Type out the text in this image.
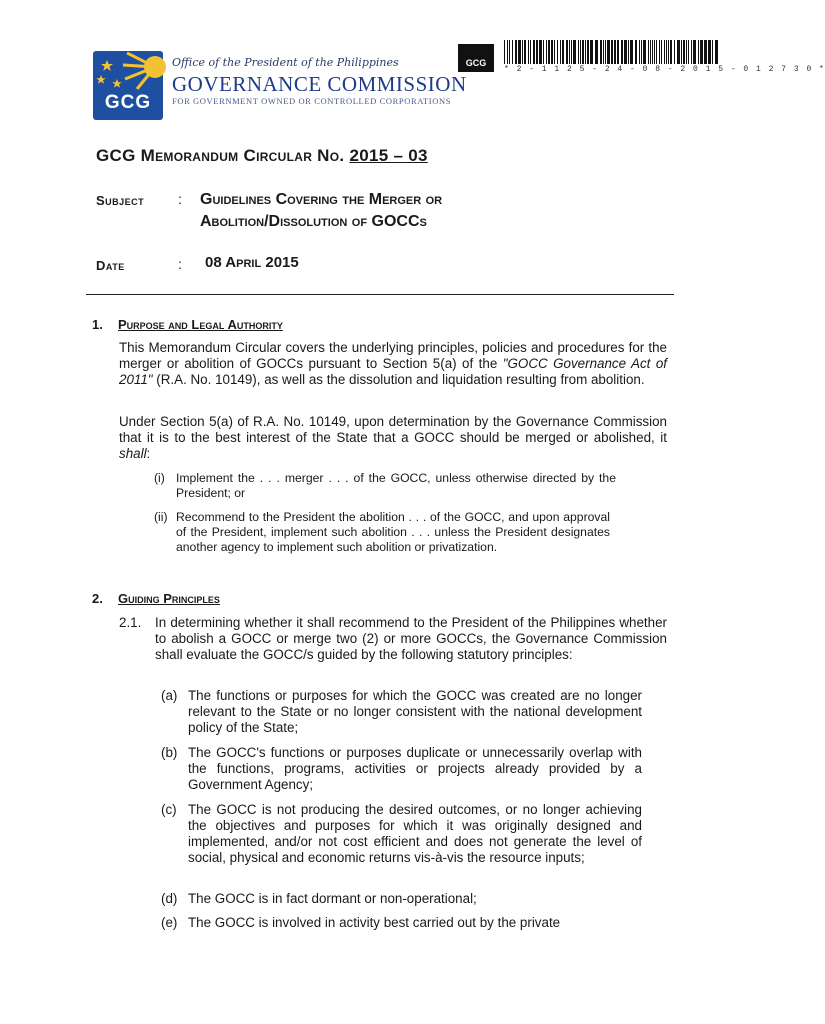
GCG
Office of the President of the Philippines
GOVERNANCE COMMISSION
FOR GOVERNMENT OWNED OR CONTROLLED CORPORATIONS
GCG
* 2 - 1 1 2 5 - 2 4 - 0 8 - 2 0 1 5 - 0 1 2 7 3 0 *
GCG Memorandum Circular No. 2015 – 03
Subject : Guidelines Covering the Merger or
Abolition/Dissolution of GOCCs
Date	: 08 April 2015
1. Purpose and Legal Authority
This Memorandum Circular covers the underlying principles, policies and procedures for the merger or abolition of GOCCs pursuant to Section 5(a) of the "GOCC Governance Act of 2011" (R.A. No. 10149), as well as the dissolution and liquidation resulting from abolition.
Under Section 5(a) of R.A. No. 10149, upon determination by the Governance Commission that it is to the best interest of the State that a GOCC should be merged or abolished, it shall:
(i) Implement the . . . merger . . . of the GOCC, unless otherwise directed by the President; or
(ii) Recommend to the President the abolition . . . of the GOCC, and upon approval of the President, implement such abolition . . . unless the President designates another agency to implement such abolition or privatization.
2. Guiding Principles
2.1. In determining whether it shall recommend to the President of the Philippines whether to abolish a GOCC or merge two (2) or more GOCCs, the Governance Commission shall evaluate the GOCC/s guided by the following statutory principles:
(a) The functions or purposes for which the GOCC was created are no longer relevant to the State or no longer consistent with the national development policy of the State;
(b) The GOCC's functions or purposes duplicate or unnecessarily overlap with the functions, programs, activities or projects already provided by a Government Agency;
(c) The GOCC is not producing the desired outcomes, or no longer achieving the objectives and purposes for which it was originally designed and implemented, and/or not cost efficient and does not generate the level of social, physical and economic returns vis-à-vis the resource inputs;
(d) The GOCC is in fact dormant or non-operational;
(e) The GOCC is involved in activity best carried out by the private
